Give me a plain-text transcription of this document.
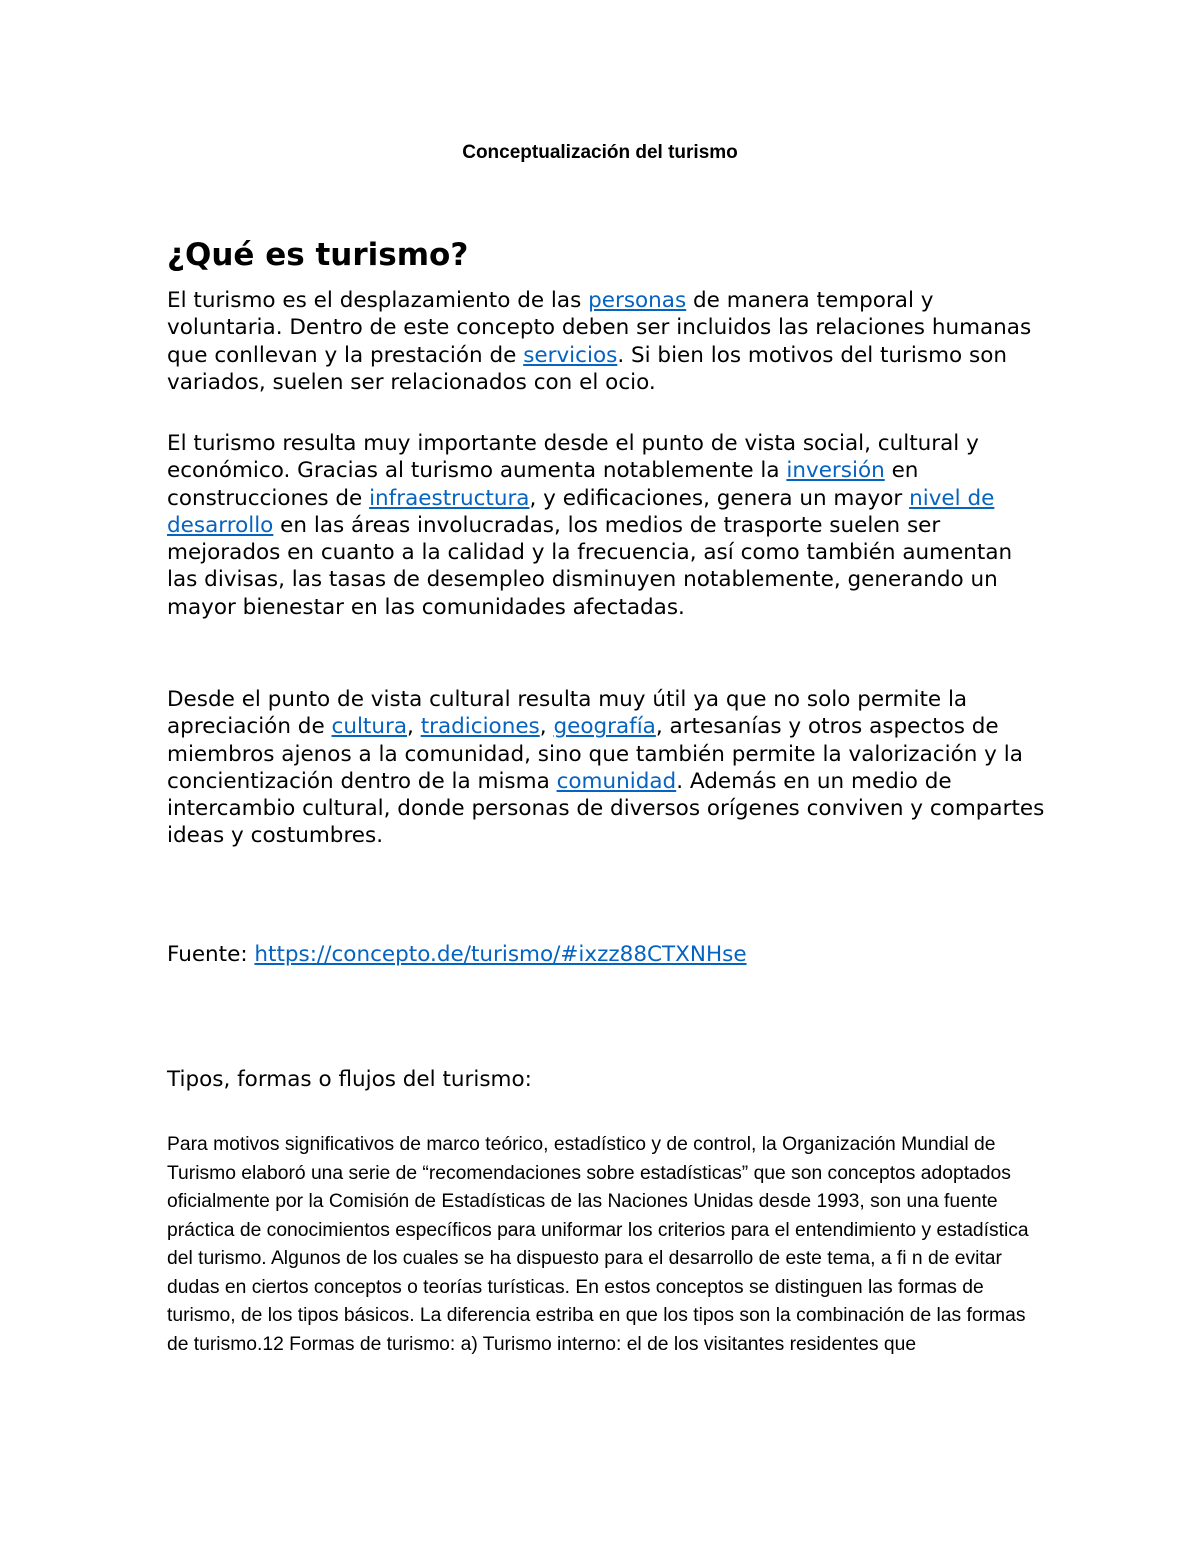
Conceptualización del turismo
¿Qué es turismo?

El turismo es el desplazamiento de las personas de manera temporal y voluntaria. Dentro de este concepto deben ser incluidos las relaciones humanas que conllevan y la prestación de servicios. Si bien los motivos del turismo son variados, suelen ser relacionados con el ocio.

El turismo resulta muy importante desde el punto de vista social, cultural y económico. Gracias al turismo aumenta notablemente la inversión en construcciones de infraestructura, y edificaciones, genera un mayor nivel de desarrollo en las áreas involucradas, los medios de trasporte suelen ser mejorados en cuanto a la calidad y la frecuencia, así como también aumentan las divisas, las tasas de desempleo disminuyen notablemente, generando un mayor bienestar en las comunidades afectadas.

Desde el punto de vista cultural resulta muy útil ya que no solo permite la apreciación de cultura, tradiciones, geografía, artesanías y otros aspectos de miembros ajenos a la comunidad, sino que también permite la valorización y la concientización dentro de la misma comunidad. Además en un medio de intercambio cultural, donde personas de diversos orígenes conviven y compartes ideas y costumbres.

Fuente: https://concepto.de/turismo/#ixzz88CTXNHse

Tipos, formas o flujos del turismo:

Para motivos significativos de marco teórico, estadístico y de control, la Organización Mundial de Turismo elaboró una serie de “recomendaciones sobre estadísticas” que son conceptos adoptados oficialmente por la Comisión de Estadísticas de las Naciones Unidas desde 1993, son una fuente práctica de conocimientos específicos para uniformar los criterios para el entendimiento y estadística del turismo. Algunos de los cuales se ha dispuesto para el desarrollo de este tema, a fi n de evitar dudas en ciertos conceptos o teorías turísticas. En estos conceptos se distinguen las formas de turismo, de los tipos básicos. La diferencia estriba en que los tipos son la combinación de las formas de turismo.12 Formas de turismo: a) Turismo interno: el de los visitantes residentes que
